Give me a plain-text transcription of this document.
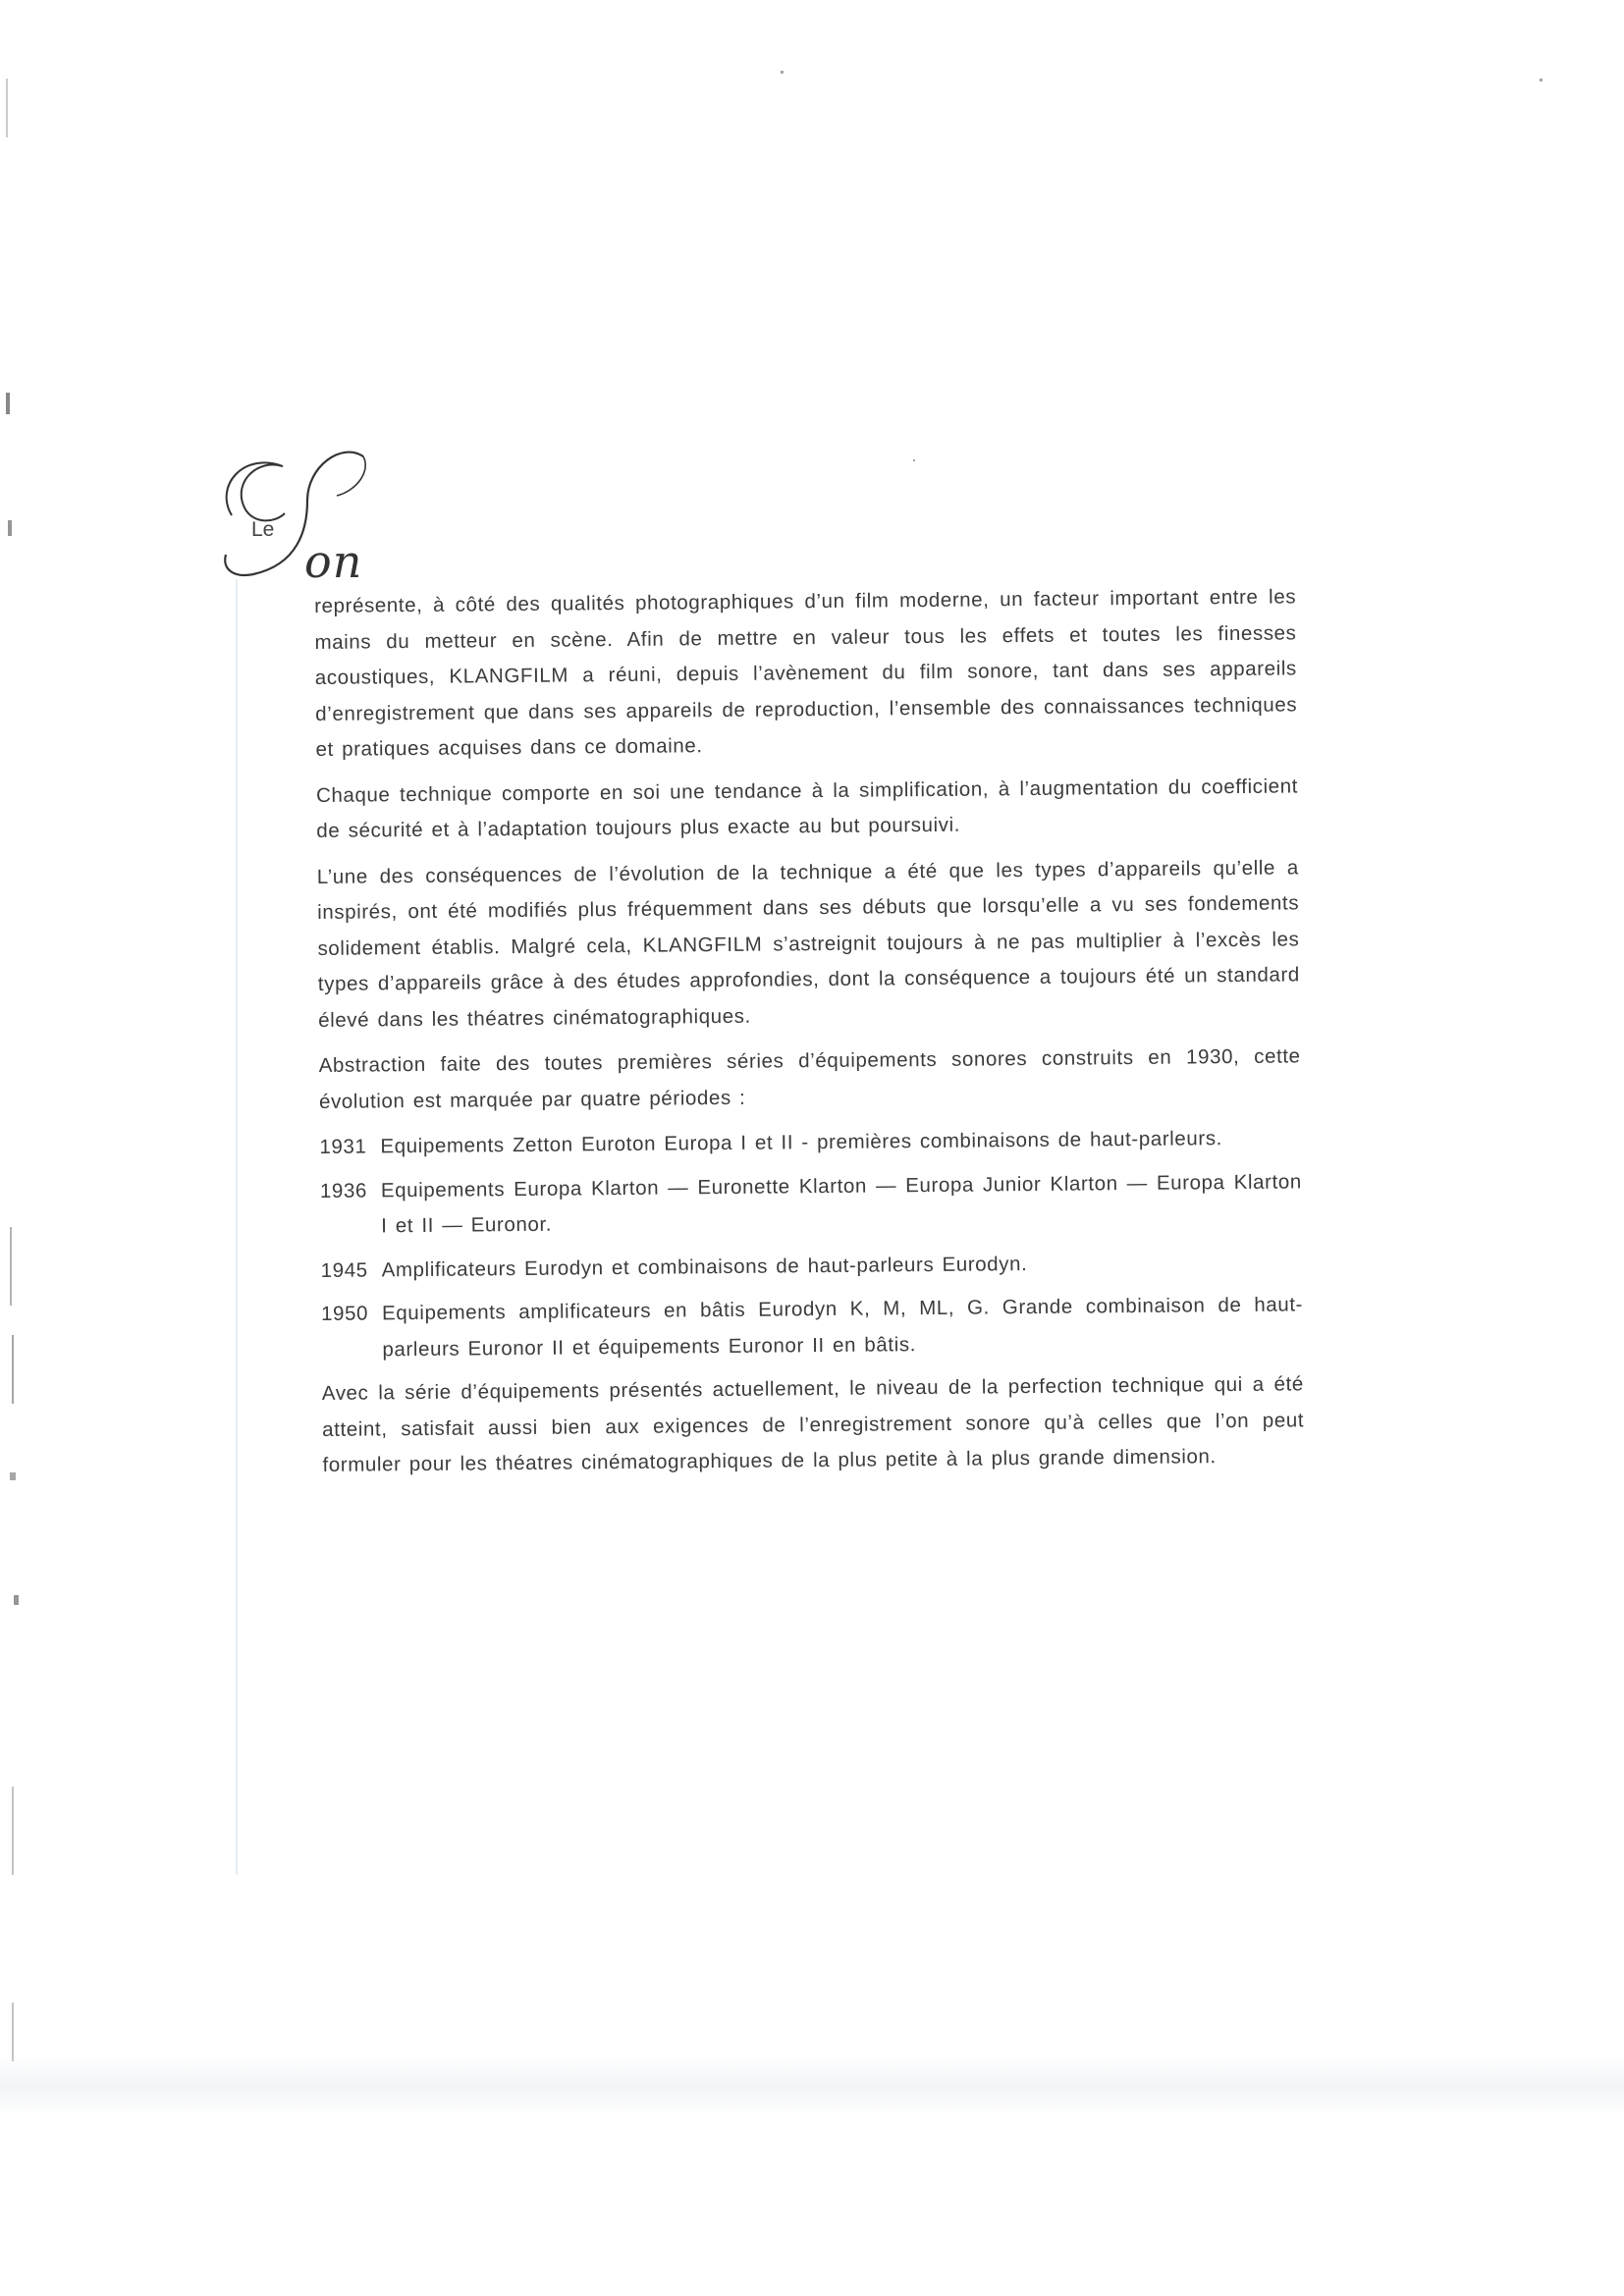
Le
on

représente, à côté des qualités photographiques d’un film moderne, un facteur important entre les mains du metteur en scène. Afin de mettre en valeur tous les effets et toutes les finesses acoustiques, KLANGFILM a réuni, depuis l’avènement du film sonore, tant dans ses appareils d’enregistrement que dans ses appareils de reproduction, l’ensemble des connaissances techniques et pratiques acquises dans ce domaine.

Chaque technique comporte en soi une tendance à la simplification, à l’augmentation du coefficient de sécurité et à l’adaptation toujours plus exacte au but poursuivi.

L’une des conséquences de l’évolution de la technique a été que les types d’appareils qu’elle a inspirés, ont été modifiés plus fréquemment dans ses débuts que lorsqu’elle a vu ses fondements solidement établis. Malgré cela, KLANGFILM s’astreignit toujours à ne pas multiplier à l’excès les types d’appareils grâce à des études approfondies, dont la conséquence a toujours été un standard élevé dans les théatres cinématographiques.

Abstraction faite des toutes premières séries d’équipements sonores construits en 1930, cette évolution est marquée par quatre périodes :

1931 Equipements Zetton Euroton Europa I et II - premières combinaisons de haut-parleurs.
1936 Equipements Europa Klarton — Euronette Klarton — Europa Junior Klarton — Europa Klarton I et II — Euronor.
1945 Amplificateurs Eurodyn et combinaisons de haut-parleurs Eurodyn.
1950 Equipements amplificateurs en bâtis Eurodyn K, M, ML, G. Grande combinaison de haut-parleurs Euronor II et équipements Euronor II en bâtis.

Avec la série d’équipements présentés actuellement, le niveau de la perfection technique qui a été atteint, satisfait aussi bien aux exigences de l’enregistrement sonore qu’à celles que l’on peut formuler pour les théatres cinématographiques de la plus petite à la plus grande dimension.
